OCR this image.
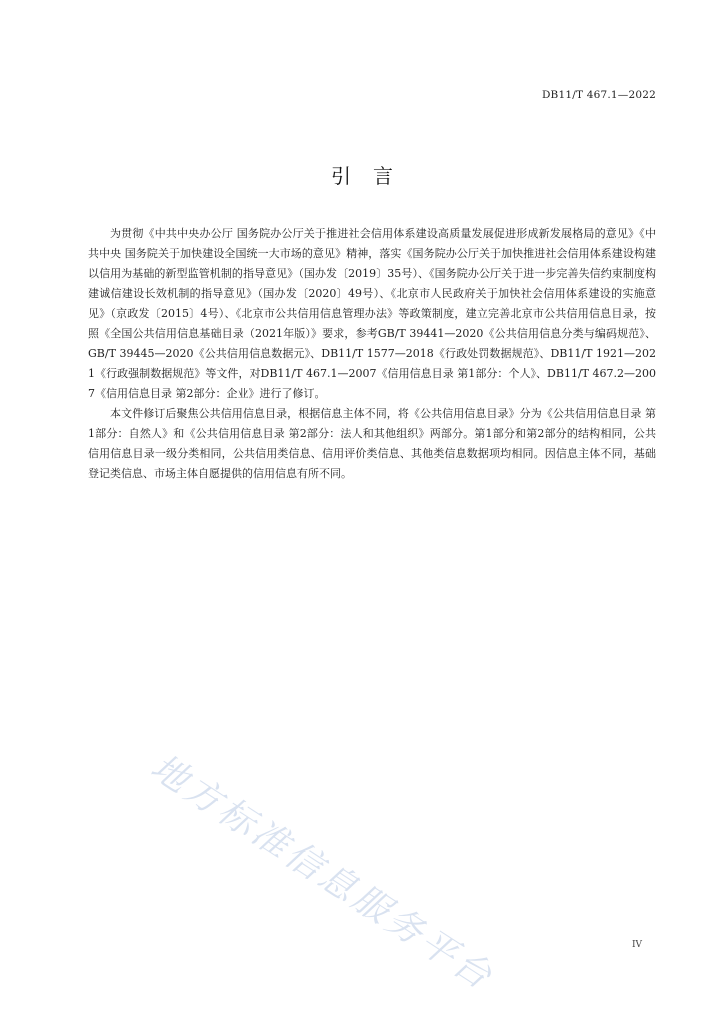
DB11/T 467.1—2022
引言

为贯彻《中共中央办公厅 国务院办公厅关于推进社会信用体系建设高质量发展促进形成新发展格局的意见》《中共中央 国务院关于加快建设全国统一大市场的意见》精神，落实《国务院办公厅关于加快推进社会信用体系建设构建以信用为基础的新型监管机制的指导意见》（国办发〔2019〕35号）、《国务院办公厅关于进一步完善失信约束制度构建诚信建设长效机制的指导意见》（国办发〔2020〕49号）、《北京市人民政府关于加快社会信用体系建设的实施意见》（京政发〔2015〕4号）、《北京市公共信用信息管理办法》等政策制度，建立完善北京市公共信用信息目录，按照《全国公共信用信息基础目录（2021年版）》要求，参考GB/T 39441—2020《公共信用信息分类与编码规范》、GB/T 39445—2020《公共信用信息数据元》、DB11/T 1577—2018《行政处罚数据规范》、DB11/T 1921—2021《行政强制数据规范》等文件，对DB11/T 467.1—2007《信用信息目录 第1部分：个人》、DB11/T 467.2—2007《信用信息目录 第2部分：企业》进行了修订。

本文件修订后聚焦公共信用信息目录，根据信息主体不同，将《公共信用信息目录》分为《公共信用信息目录 第1部分：自然人》和《公共信用信息目录 第2部分：法人和其他组织》两部分。第1部分和第2部分的结构相同，公共信用信息目录一级分类相同，公共信用类信息、信用评价类信息、其他类信息数据项均相同。因信息主体不同，基础登记类信息、市场主体自愿提供的信用信息有所不同。

地方标准信息服务平台	IV
